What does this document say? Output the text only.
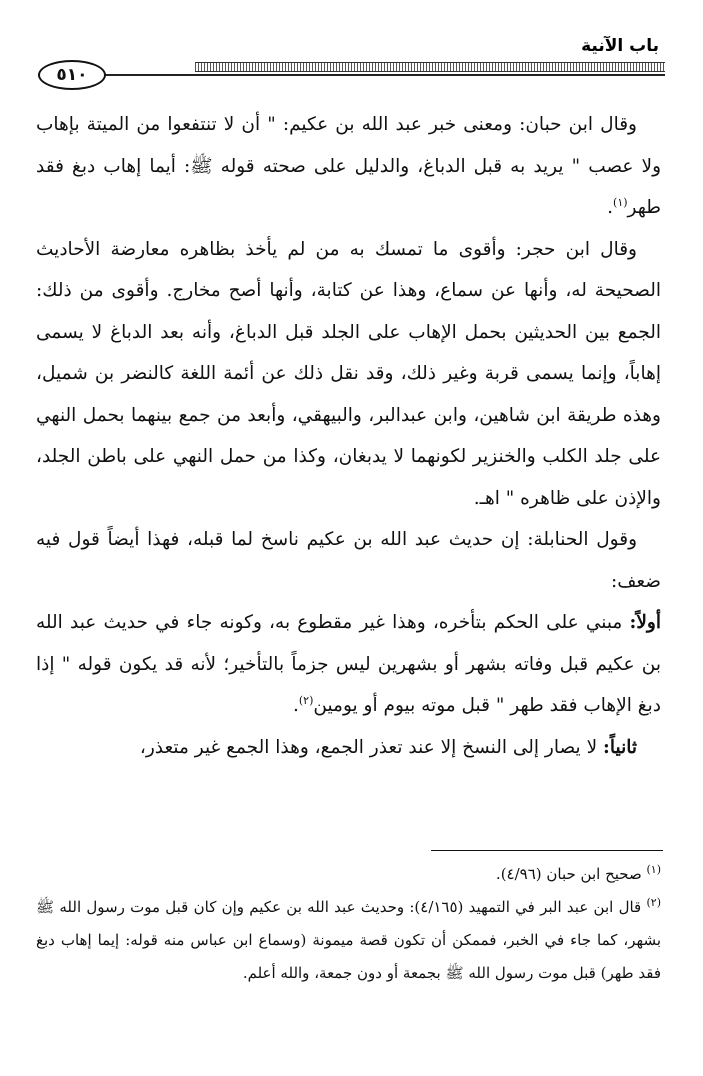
باب الآنية
٥١٠

وقال ابن حبان: ومعنى خبر عبد الله بن عكيم: " أن لا تنتفعوا من الميتة بإهاب ولا عصب " يريد به قبل الدباغ، والدليل على صحته قوله ﷺ: أيما إهاب دبغ فقد طهر$^{(١)}$.

وقال ابن حجر: وأقوى ما تمسك به من لم يأخذ بظاهره معارضة الأحاديث الصحيحة له، وأنها عن سماع، وهذا عن كتابة، وأنها أصح مخارج. وأقوى من ذلك: الجمع بين الحديثين بحمل الإهاب على الجلد قبل الدباغ، وأنه بعد الدباغ لا يسمى إهاباً، وإنما يسمى قربة وغير ذلك، وقد نقل ذلك عن أئمة اللغة كالنضر بن شميل، وهذه طريقة ابن شاهين، وابن عبدالبر، والبيهقي، وأبعد من جمع بينهما بحمل النهي على جلد الكلب والخنزير لكونهما لا يدبغان، وكذا من حمل النهي على باطن الجلد، والإذن على ظاهره " اهـ.

وقول الحنابلة: إن حديث عبد الله بن عكيم ناسخ لما قبله، فهذا أيضاً قول فيه ضعف:

أولاً: مبني على الحكم بتأخره، وهذا غير مقطوع به، وكونه جاء في حديث عبد الله بن عكيم قبل وفاته بشهر أو بشهرين ليس جزماً بالتأخير؛ لأنه قد يكون قوله " إذا دبغ الإهاب فقد طهر " قبل موته بيوم أو يومين$^{(٢)}$.

ثانياً: لا يصار إلى النسخ إلا عند تعذر الجمع، وهذا الجمع غير متعذر،

$^{(١)}$ صحيح ابن حبان (٤/٩٦).

$^{(٢)}$ قال ابن عبد البر في التمهيد (٤/١٦٥): وحديث عبد الله بن عكيم وإن كان قبل موت رسول الله ﷺ بشهر، كما جاء في الخبر، فممكن أن تكون قصة ميمونة (وسماع ابن عباس منه قوله: إيما إهاب دبغ فقد طهر) قبل موت رسول الله ﷺ بجمعة أو دون جمعة، والله أعلم.
